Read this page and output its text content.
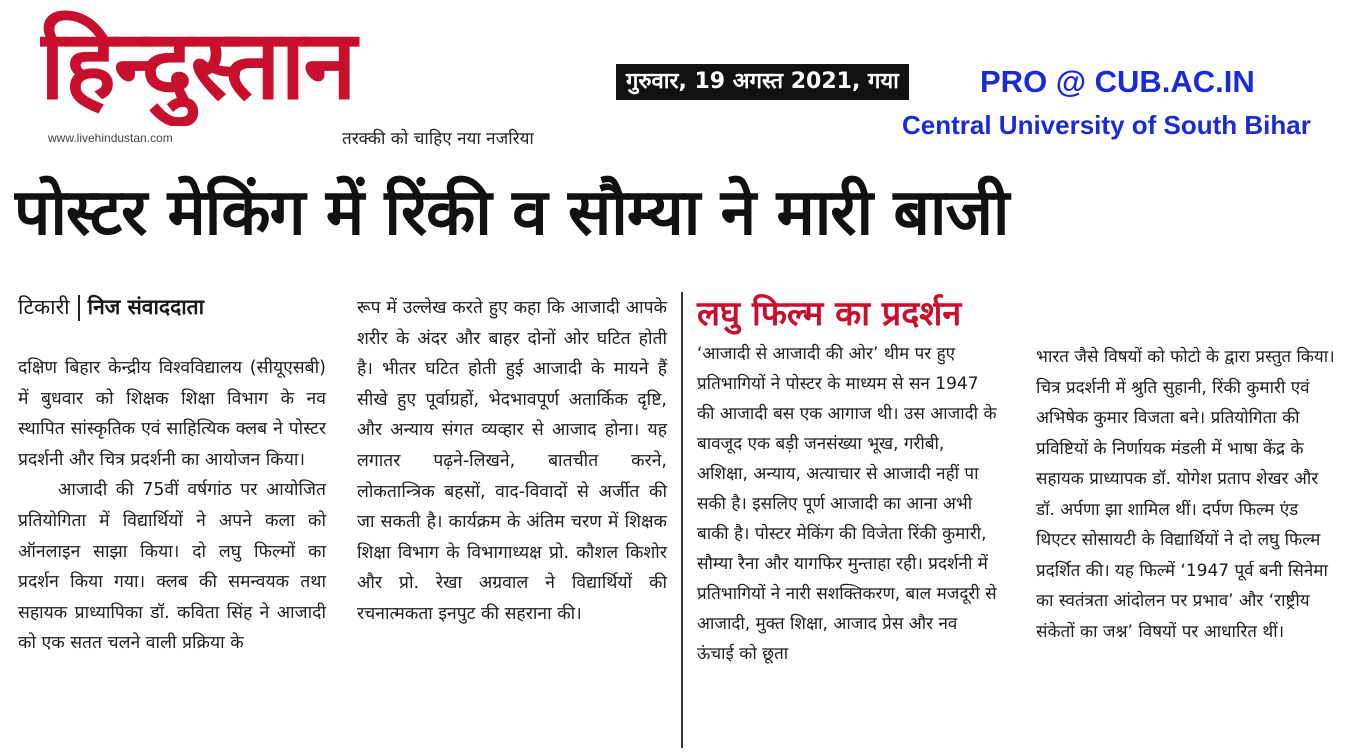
हिन्दुस्तान
www.livehindustan.com	तरक्की को चाहिए नया नजरिया
गुरुवार, 19 अगस्त 2021, गया	PRO @ CUB.AC.IN
Central University of South Bihar
पोस्टर मेकिंग में रिंकी व सौम्या ने मारी बाजी
टिकारी निज संवाददाता

दक्षिण बिहार केन्द्रीय विश्वविद्यालय (सीयूएसबी) में बुधवार को शिक्षक शिक्षा विभाग के नव स्थापित सांस्कृतिक एवं साहित्यिक क्लब ने पोस्टर प्रदर्शनी और चित्र प्रदर्शनी का आयोजन किया।

आजादी की 75वीं वर्षगांठ पर आयोजित प्रतियोगिता में विद्यार्थियों ने अपने कला को ऑनलाइन साझा किया। दो लघु फिल्मों का प्रदर्शन किया गया। क्लब की समन्वयक तथा सहायक प्राध्यापिका डॉ. कविता सिंह ने आजादी को एक सतत चलने वाली प्रक्रिया के

रूप में उल्लेख करते हुए कहा कि आजादी आपके शरीर के अंदर और बाहर दोनों ओर घटित होती है। भीतर घटित होती हुई आजादी के मायने हैं सीखे हुए पूर्वाग्रहों, भेदभावपूर्ण अतार्किक दृष्टि, और अन्याय संगत व्यव्हार से आजाद होना। यह लगातर पढ़ने-लिखने, बातचीत करने, लोकतान्त्रिक बहसों, वाद-विवादों से अर्जीत की जा सकती है। कार्यक्रम के अंतिम चरण में शिक्षक शिक्षा विभाग के विभागाध्यक्ष प्रो. कौशल किशोर और प्रो. रेखा अग्रवाल ने विद्यार्थियों की रचनात्मकता इनपुट की सहराना की।

लघु फिल्म का प्रदर्शन

‘आजादी से आजादी की ओर’ थीम पर हुए प्रतिभागियों ने पोस्टर के माध्यम से सन 1947 की आजादी बस एक आगाज थी। उस आजादी के बावजूद एक बड़ी जनसंख्या भूख, गरीबी, अशिक्षा, अन्याय, अत्याचार से आजादी नहीं पा सकी है। इसलिए पूर्ण आजादी का आना अभी बाकी है। पोस्टर मेकिंग की विजेता रिंकी कुमारी, सौम्या रैना और यागफिर मुन्ताहा रही। प्रदर्शनी में प्रतिभागियों ने नारी सशक्तिकरण, बाल मजदूरी से आजादी, मुक्त शिक्षा, आजाद प्रेस और नव ऊंचाई को छूता

भारत जैसे विषयों को फोटो के द्वारा प्रस्तुत किया। चित्र प्रदर्शनी में श्रुति सुहानी, रिंकी कुमारी एवं अभिषेक कुमार विजता बने। प्रतियोगिता की प्रविष्टियों के निर्णायक मंडली में भाषा केंद्र के सहायक प्राध्यापक डॉ. योगेश प्रताप शेखर और डॉ. अर्पणा झा शामिल थीं। दर्पण फिल्म एंड थिएटर सोसायटी के विद्यार्थियों ने दो लघु फिल्म प्रदर्शित की। यह फिल्में ‘1947 पूर्व बनी सिनेमा का स्वतंत्रता आंदोलन पर प्रभाव’ और ‘राष्ट्रीय संकेतों का जश्न’ विषयों पर आधारित थीं।
